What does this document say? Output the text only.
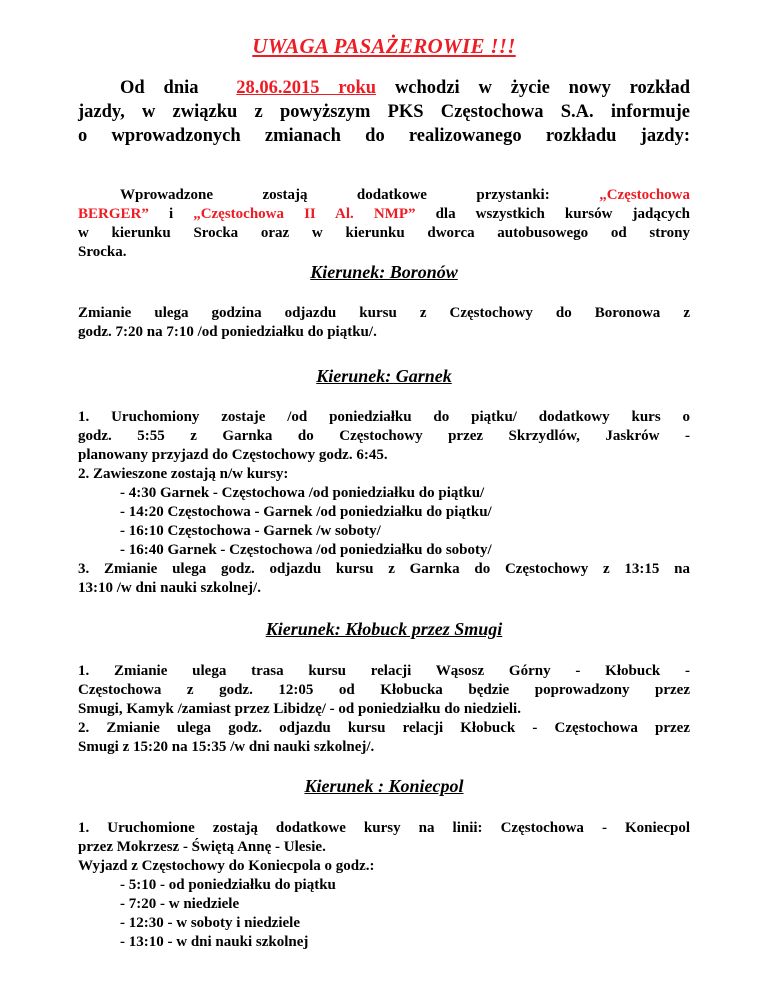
UWAGA PASAŻEROWIE !!!
Od dnia 28.06.2015 roku wchodzi w życie nowy rozkład
jazdy, w związku z powyższym PKS Częstochowa S.A. informuje
o wprowadzonych zmianach do realizowanego rozkładu jazdy:
Wprowadzone zostają dodatkowe przystanki:	„Częstochowa
BERGER” i „Częstochowa II Al. NMP” dla wszystkich kursów jadących
w kierunku Srocka oraz w kierunku dworca autobusowego od strony
Srocka.
Kierunek: Boronów
Zmianie ulega godzina odjazdu kursu z Częstochowy do Boronowa z
godz. 7:20 na 7:10 /od poniedziałku do piątku/.
Kierunek: Garnek
1. Uruchomiony zostaje /od poniedziałku do piątku/ dodatkowy kurs o
godz. 5:55 z Garnka do Częstochowy przez Skrzydlów, Jaskrów -
planowany przyjazd do Częstochowy godz. 6:45.
2. Zawieszone zostają n/w kursy:
- 4:30 Garnek - Częstochowa /od poniedziałku do piątku/
- 14:20 Częstochowa - Garnek /od poniedziałku do piątku/
- 16:10 Częstochowa - Garnek /w soboty/
- 16:40 Garnek - Częstochowa /od poniedziałku do soboty/
3. Zmianie ulega godz. odjazdu kursu z Garnka do Częstochowy z 13:15 na
13:10 /w dni nauki szkolnej/.
Kierunek: Kłobuck przez Smugi
1. Zmianie ulega trasa kursu relacji Wąsosz Górny - Kłobuck -
Częstochowa z godz. 12:05 od Kłobucka będzie poprowadzony przez
Smugi, Kamyk /zamiast przez Libidzę/ - od poniedziałku do niedzieli.
2. Zmianie ulega godz. odjazdu kursu relacji Kłobuck - Częstochowa przez
Smugi z 15:20 na 15:35 /w dni nauki szkolnej/.
Kierunek : Koniecpol
1. Uruchomione zostają dodatkowe kursy na linii: Częstochowa - Koniecpol
przez Mokrzesz - Świętą Annę - Ulesie.
Wyjazd z Częstochowy do Koniecpola o godz.:
- 5:10 - od poniedziałku do piątku
- 7:20 - w niedziele
- 12:30 - w soboty i niedziele
- 13:10 - w dni nauki szkolnej
